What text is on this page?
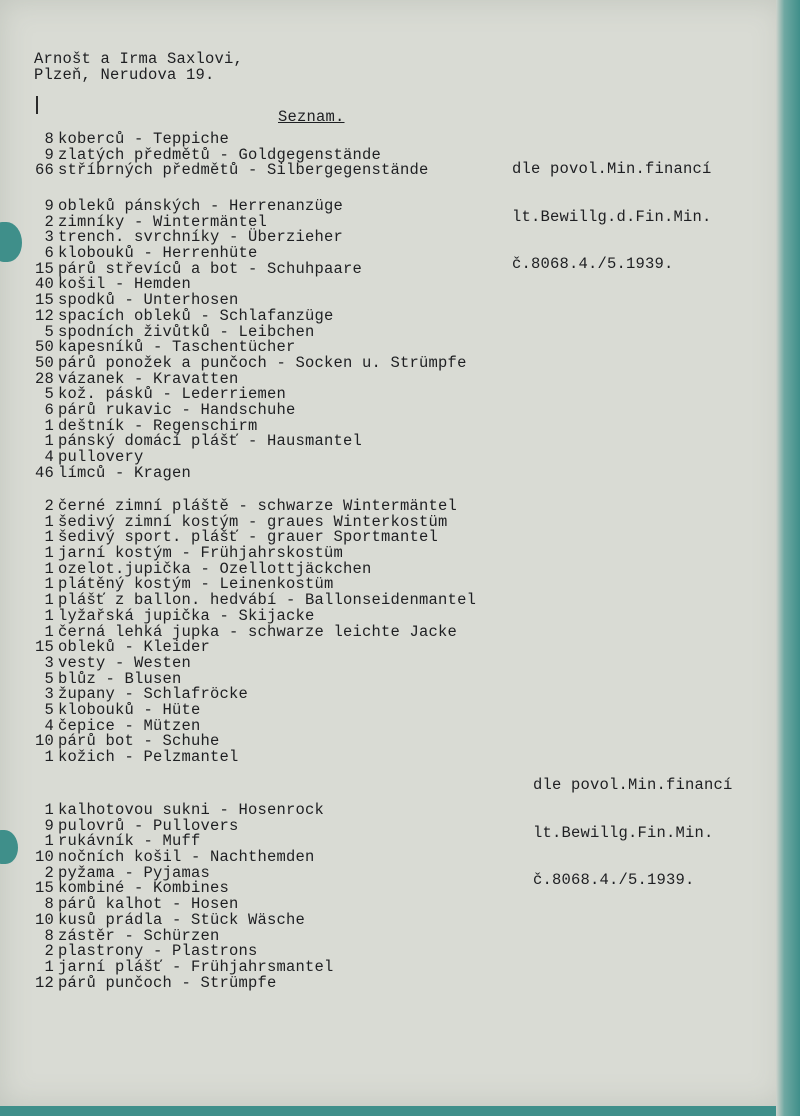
Arnošt a Irma Saxlovi,
Plzeň, Nerudova 19.
Seznam.

dle povol.Min.financí

lt.Bewillg.d.Fin.Min.

č.8068.4./5.1939.

dle povol.Min.financí

lt.Bewillg.Fin.Min.

č.8068.4./5.1939.

8 koberců - Teppiche
9 zlatých předmětů - Goldgegenstände
66 stříbrných předmětů - Silbergegenstände
9 obleků pánských - Herrenanzüge
2 zimníky - Wintermäntel
3 trench. svrchníky - Überzieher
6 klobouků - Herrenhüte
15 párů střevíců a bot - Schuhpaare
40 košil - Hemden
15 spodků - Unterhosen
12 spacích obleků - Schlafanzüge
5 spodních živůtků - Leibchen
50 kapesníků - Taschentücher
50 párů ponožek a punčoch - Socken u. Strümpfe
28 vázanek - Kravatten
5 kož. pásků - Lederriemen
6 párů rukavic - Handschuhe
1 deštník - Regenschirm
1 pánský domácí plášť - Hausmantel
4 pullovery
46 límců - Kragen
2 černé zimní pláště - schwarze Wintermäntel
1 šedivý zimní kostým - graues Winterkostüm
1 šedivý sport. plášť - grauer Sportmantel
1 jarní kostým - Frühjahrskostüm
1 ozelot.jupička - Ozellottjäckchen
1 plátěný kostým - Leinenkostüm
1 plášť z ballon. hedvábí - Ballonseidenmantel
1 lyžařská jupička - Skijacke
1 černá lehká jupka - schwarze leichte Jacke
15 obleků - Kleider
3 vesty - Westen
5 blůz - Blusen
3 župany - Schlafröcke
5 klobouků - Hüte
4 čepice - Mützen
10 párů bot - Schuhe
1 kožich - Pelzmantel
1 kalhotovou sukni - Hosenrock
9 pulovrů - Pullovers
1 rukávník - Muff
10 nočních košil - Nachthemden
2 pyžama - Pyjamas
15 kombiné - Kombines
8 párů kalhot - Hosen
10 kusů prádla - Stück Wäsche
8 zástěr - Schürzen
2 plastrony - Plastrons
1 jarní plášť - Frühjahrsmantel
12 párů punčoch - Strümpfe
